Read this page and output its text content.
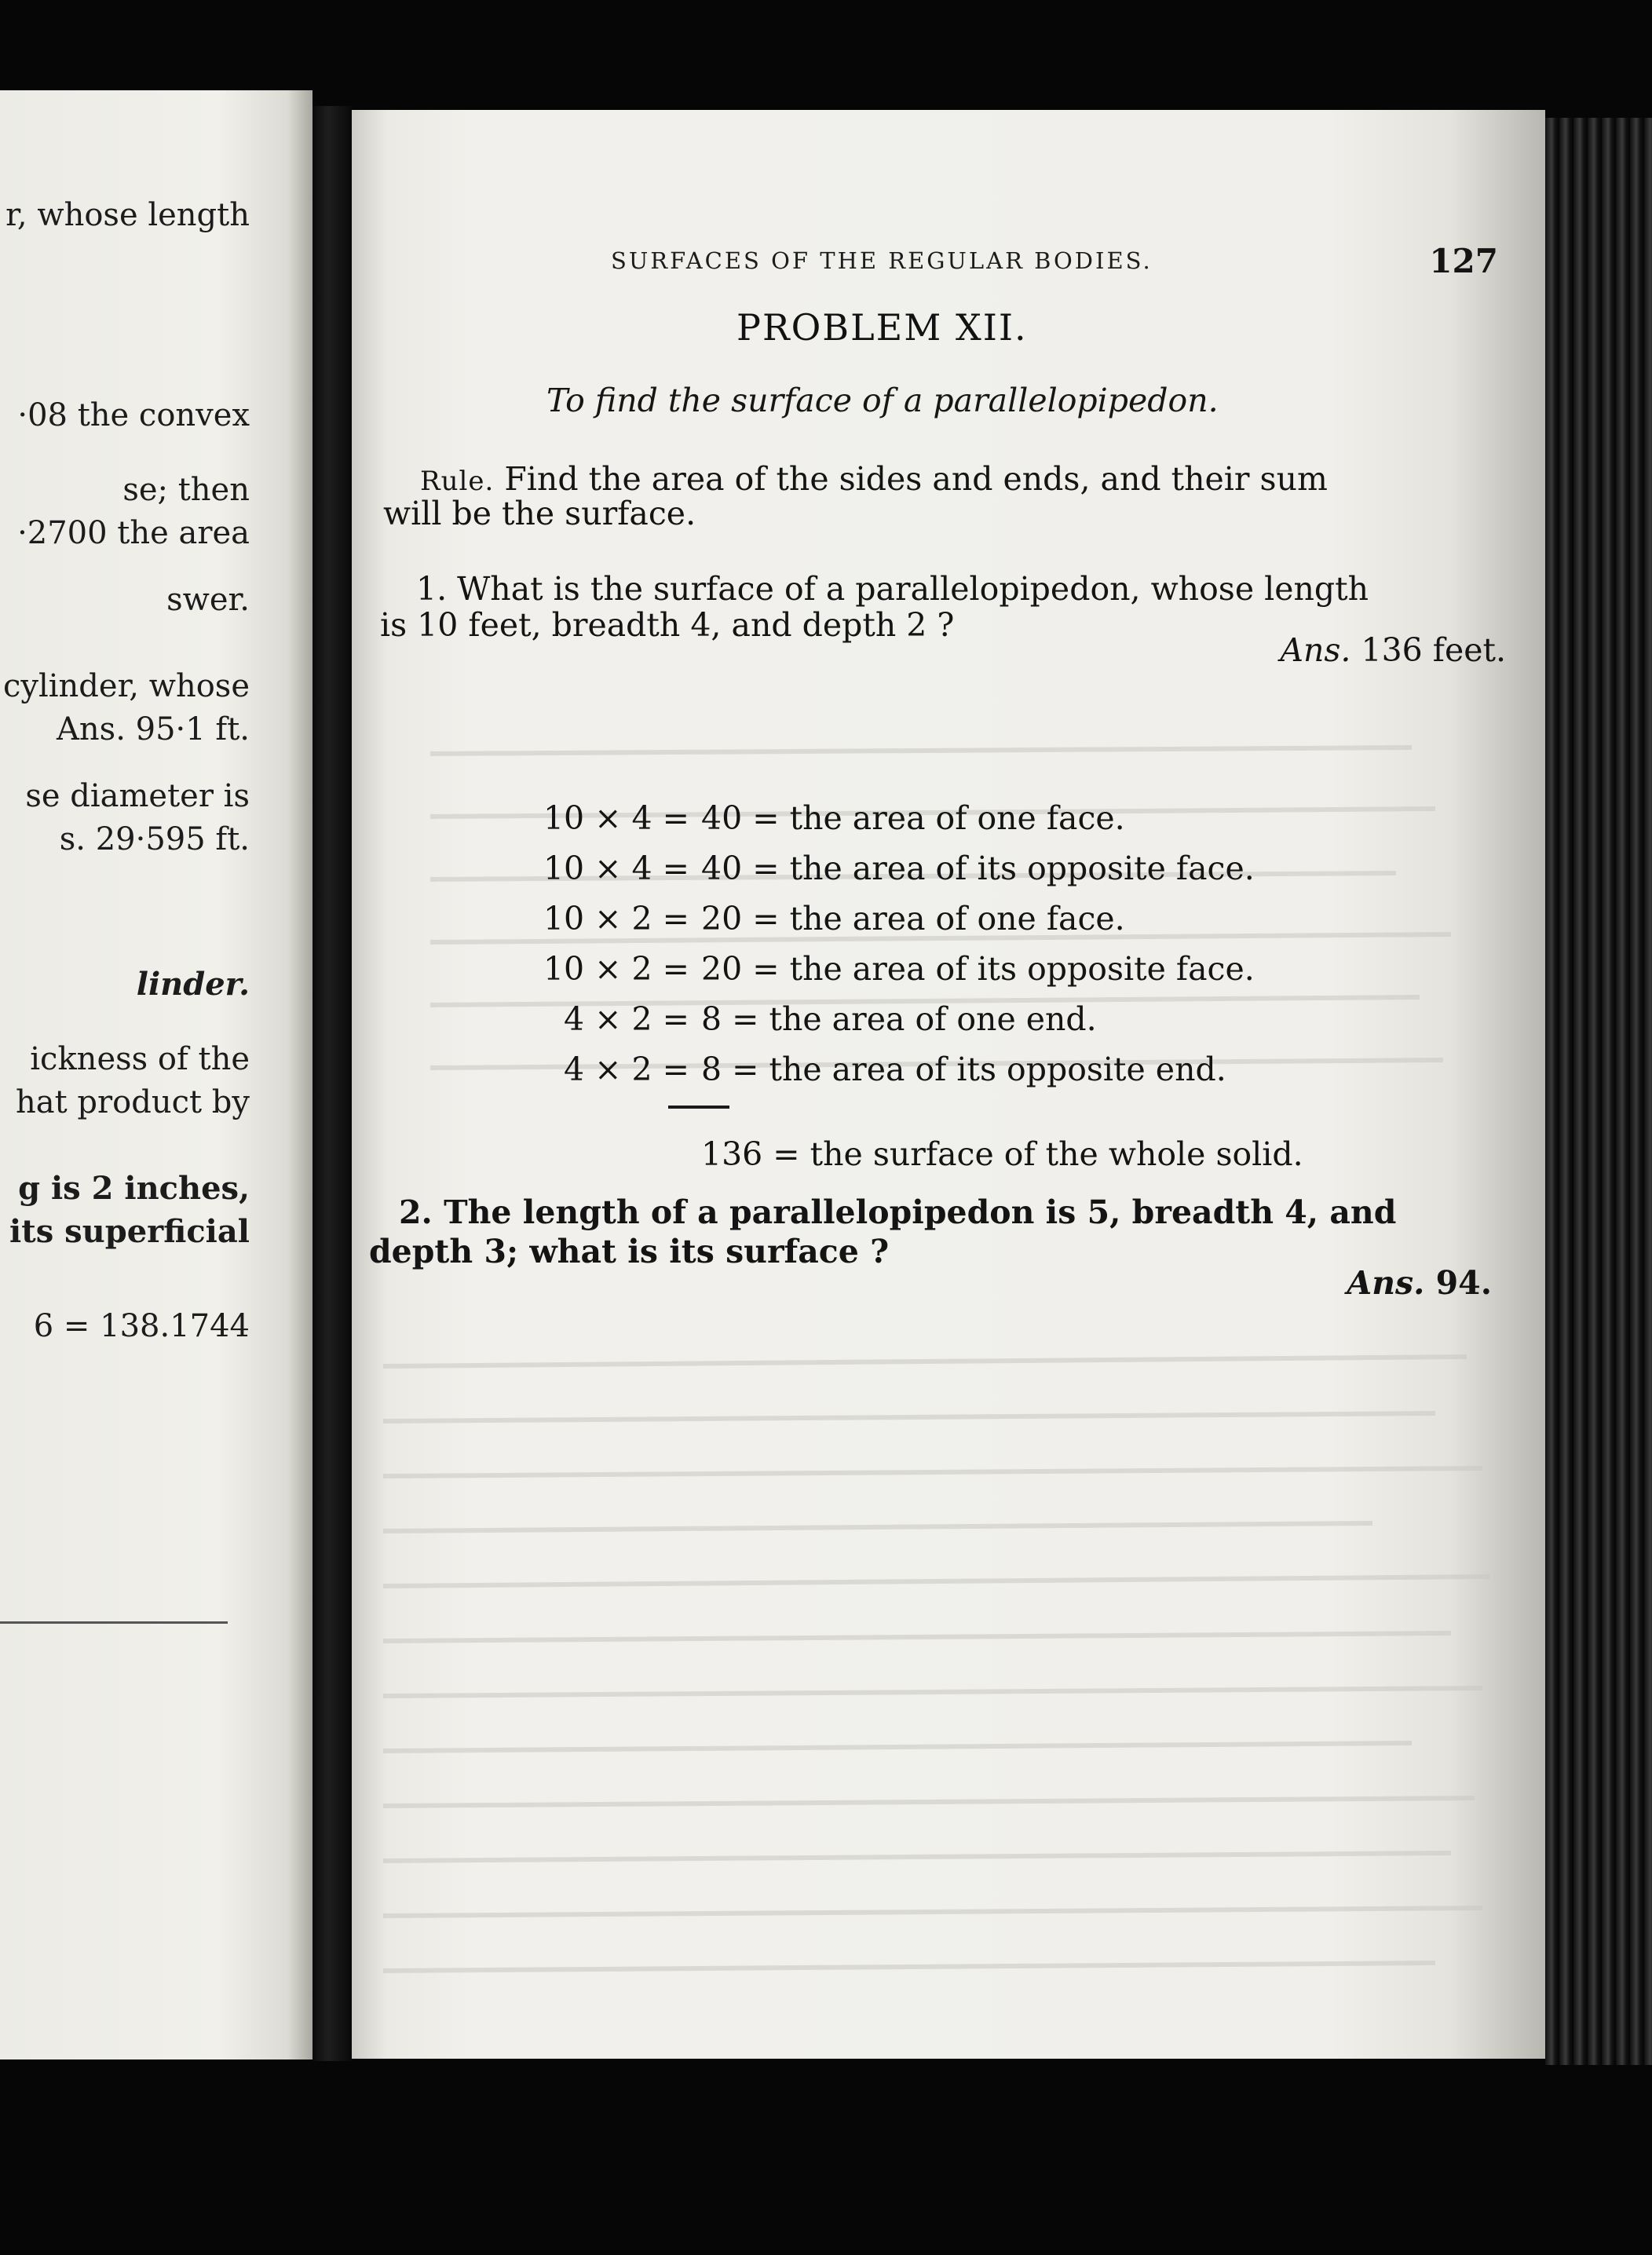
r, whose length
·08 the convex
se; then
·2700 the area
swer.
cylinder, whose
Ans. 95·1 ft.
se diameter is
s. 29·595 ft.
linder.
ickness of the
hat product by
g is 2 inches,
its superficial
6 = 138.1744
SURFACES OF THE REGULAR BODIES.	127
PROBLEM XII.
To find the surface of a parallelopipedon.
Rule. Find the area of the sides and ends, and their sum
will be the surface.
1. What is the surface of a parallelopipedon, whose length
is 10 feet, breadth 4, and depth 2 ?
Ans. 136 feet.
10 × 4 = 40 = the area of one face.
10 × 4 = 40 = the area of its opposite face.
10 × 2 = 20 = the area of one face.
10 × 2 = 20 = the area of its opposite face.
4 × 2 = 8 = the area of one end.
4 × 2 = 8 = the area of its opposite end.
136 = the surface of the whole solid.
2. The length of a parallelopipedon is 5, breadth 4, and
depth 3; what is its surface ?
Ans. 94.
